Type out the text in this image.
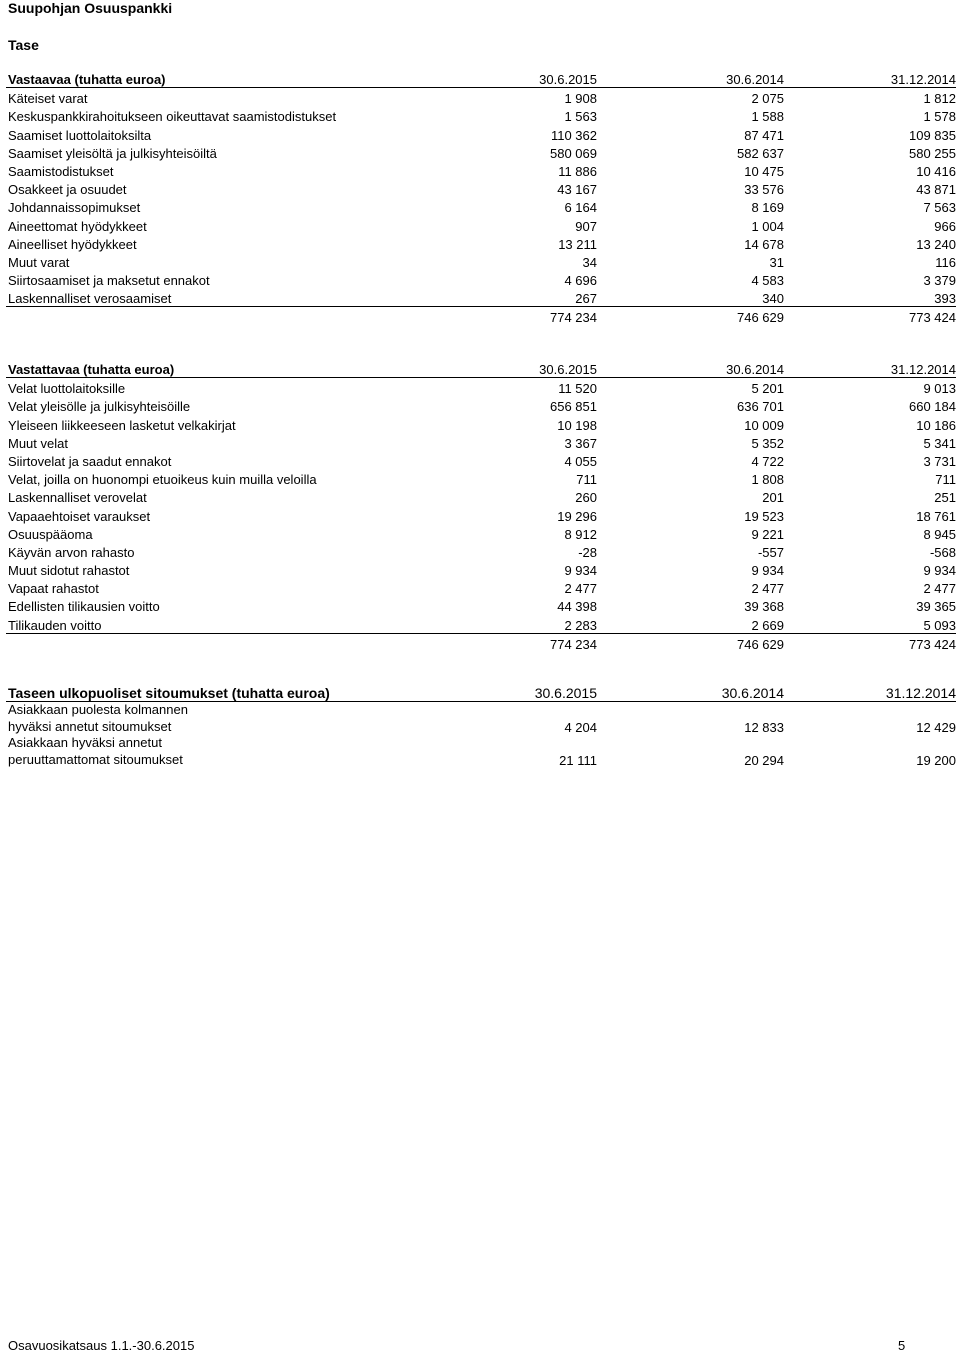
Suupohjan Osuuspankki
Tase
Vastaavaa (tuhatta euroa)	30.6.2015	30.6.2014	31.12.2014
Käteiset varat	1 908	2 075	1 812
Keskuspankkirahoitukseen oikeuttavat saamistodistukset	1 563	1 588	1 578
Saamiset luottolaitoksilta	110 362	87 471	109 835
Saamiset yleisöltä ja julkisyhteisöiltä	580 069	582 637	580 255
Saamistodistukset	11 886	10 475	10 416
Osakkeet ja osuudet	43 167	33 576	43 871
Johdannaissopimukset	6 164	8 169	7 563
Aineettomat hyödykkeet	907	1 004	966
Aineelliset hyödykkeet	13 211	14 678	13 240
Muut varat	34	31	116
Siirtosaamiset ja maksetut ennakot	4 696	4 583	3 379
Laskennalliset verosaamiset	267	340	393
774 234	746 629	773 424
Vastattavaa (tuhatta euroa)	30.6.2015	30.6.2014	31.12.2014
Velat luottolaitoksille	11 520	5 201	9 013
Velat yleisölle ja julkisyhteisöille	656 851	636 701	660 184
Yleiseen liikkeeseen lasketut velkakirjat	10 198	10 009	10 186
Muut velat	3 367	5 352	5 341
Siirtovelat ja saadut ennakot	4 055	4 722	3 731
Velat, joilla on huonompi etuoikeus kuin muilla veloilla	711	1 808	711
Laskennalliset verovelat	260	201	251
Vapaaehtoiset varaukset	19 296	19 523	18 761
Osuuspääoma	8 912	9 221	8 945
Käyvän arvon rahasto	-28	-557	-568
Muut sidotut rahastot	9 934	9 934	9 934
Vapaat rahastot	2 477	2 477	2 477
Edellisten tilikausien voitto	44 398	39 368	39 365
Tilikauden voitto	2 283	2 669	5 093
774 234	746 629	773 424
Taseen ulkopuoliset sitoumukset (tuhatta euroa)	30.6.2015	30.6.2014	31.12.2014
Asiakkaan puolesta kolmannen
hyväksi annetut sitoumukset	4 204	12 833	12 429
Asiakkaan hyväksi annetut
peruuttamattomat sitoumukset	21 111	20 294	19 200
Osavuosikatsaus 1.1.-30.6.2015	5
